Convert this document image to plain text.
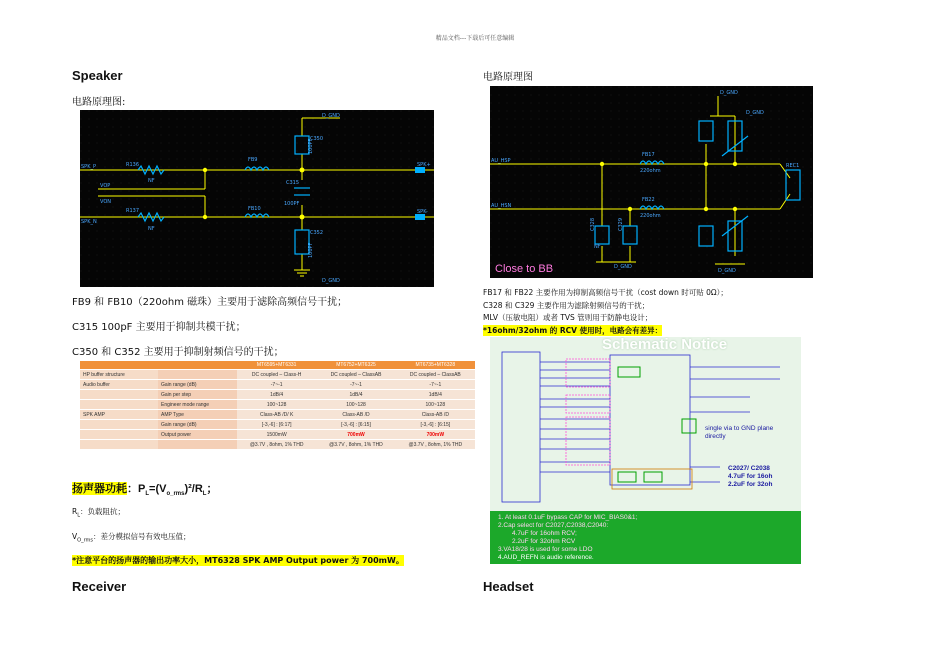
精品文档---下载后可任意编辑
Speaker
电路原理图:
D_GND
D_GND
SPK_P
SPK_N
R136
NF
R137
NF
VOP
VON
FB9
FB10
C315
100PF
100PF
C350
100PF
C352
SPK+
SPK-
FB9 和 FB10（220ohm 磁珠）主要用于滤除高频信号干扰；
C315 100pF 主要用于抑制共模干扰；
C350 和 C352 主要用于抑制射频信号的干扰；
		MT6595+MT6331	MT6752+MT6325	MT6735+MT6328
HP buffer structure		DC coupled – Class-H	DC coupled – ClassAB	DC coupled – ClassAB
Audio buffer	Gain range (dB)	-7~-1	-7~-1	-7~-1
	Gain per step	1dB/4	1dB/4	1dB/4
	Engineer mode range	100~128	100~128	100~128
SPK AMP	AMP Type	Class-AB /D/ K	Class-AB /D	Class-AB /D
	Gain range (dB)	[-3,-6] : [6:17]	[-3,-6] : [6:15]	[-3,-6] : [6:15]
	Output power	1500mW	700mW	700mW
		@3.7V , 8ohm, 1% THD	@3.7V , 8ohm, 1% THD	@3.7V , 8ohm, 1% THD
扬声器功耗：$P_L=(V_{o\_rms})^2/R_L$；
$R_L$：负载阻抗；
$V_{O\_rms}$：差分模拟信号有效电压值；
*注意平台的扬声器的输出功率大小，MT6328 SPK AMP Output power 为 700mW。
Receiver
电路原理图
D_GND
D_GND
D_GND
D_GND
AU_HSP
AU_HSN
FB17
220ohm
FB22
220ohm
C328	C329
NF
REC1
Close to BB
FB17 和 FB22 主要作用为抑制高频信号干扰（cost down 时可贴 0Ω）；
C328 和 C329 主要作用为滤除射频信号的干扰；
MLV（压敏电阻）或者 TVS 管则用于防静电设计；
*16ohm/32ohm 的 RCV 使用时，电路会有差异：
Schematic Notice
single via to GND plane directly
C2027/ C2038
4.7uF for 16oh
2.2uF for 32oh
1. At least 0.1uF bypass CAP for MIC_BIAS0&1;
2.Cap select for C2027,C2038,C2040:
4.7uF for 16ohm RCV;
2.2uF for 32ohm RCV
3.VA18/28 is used for some LDO
4.AUD_REFN is audio reference.
Headset
